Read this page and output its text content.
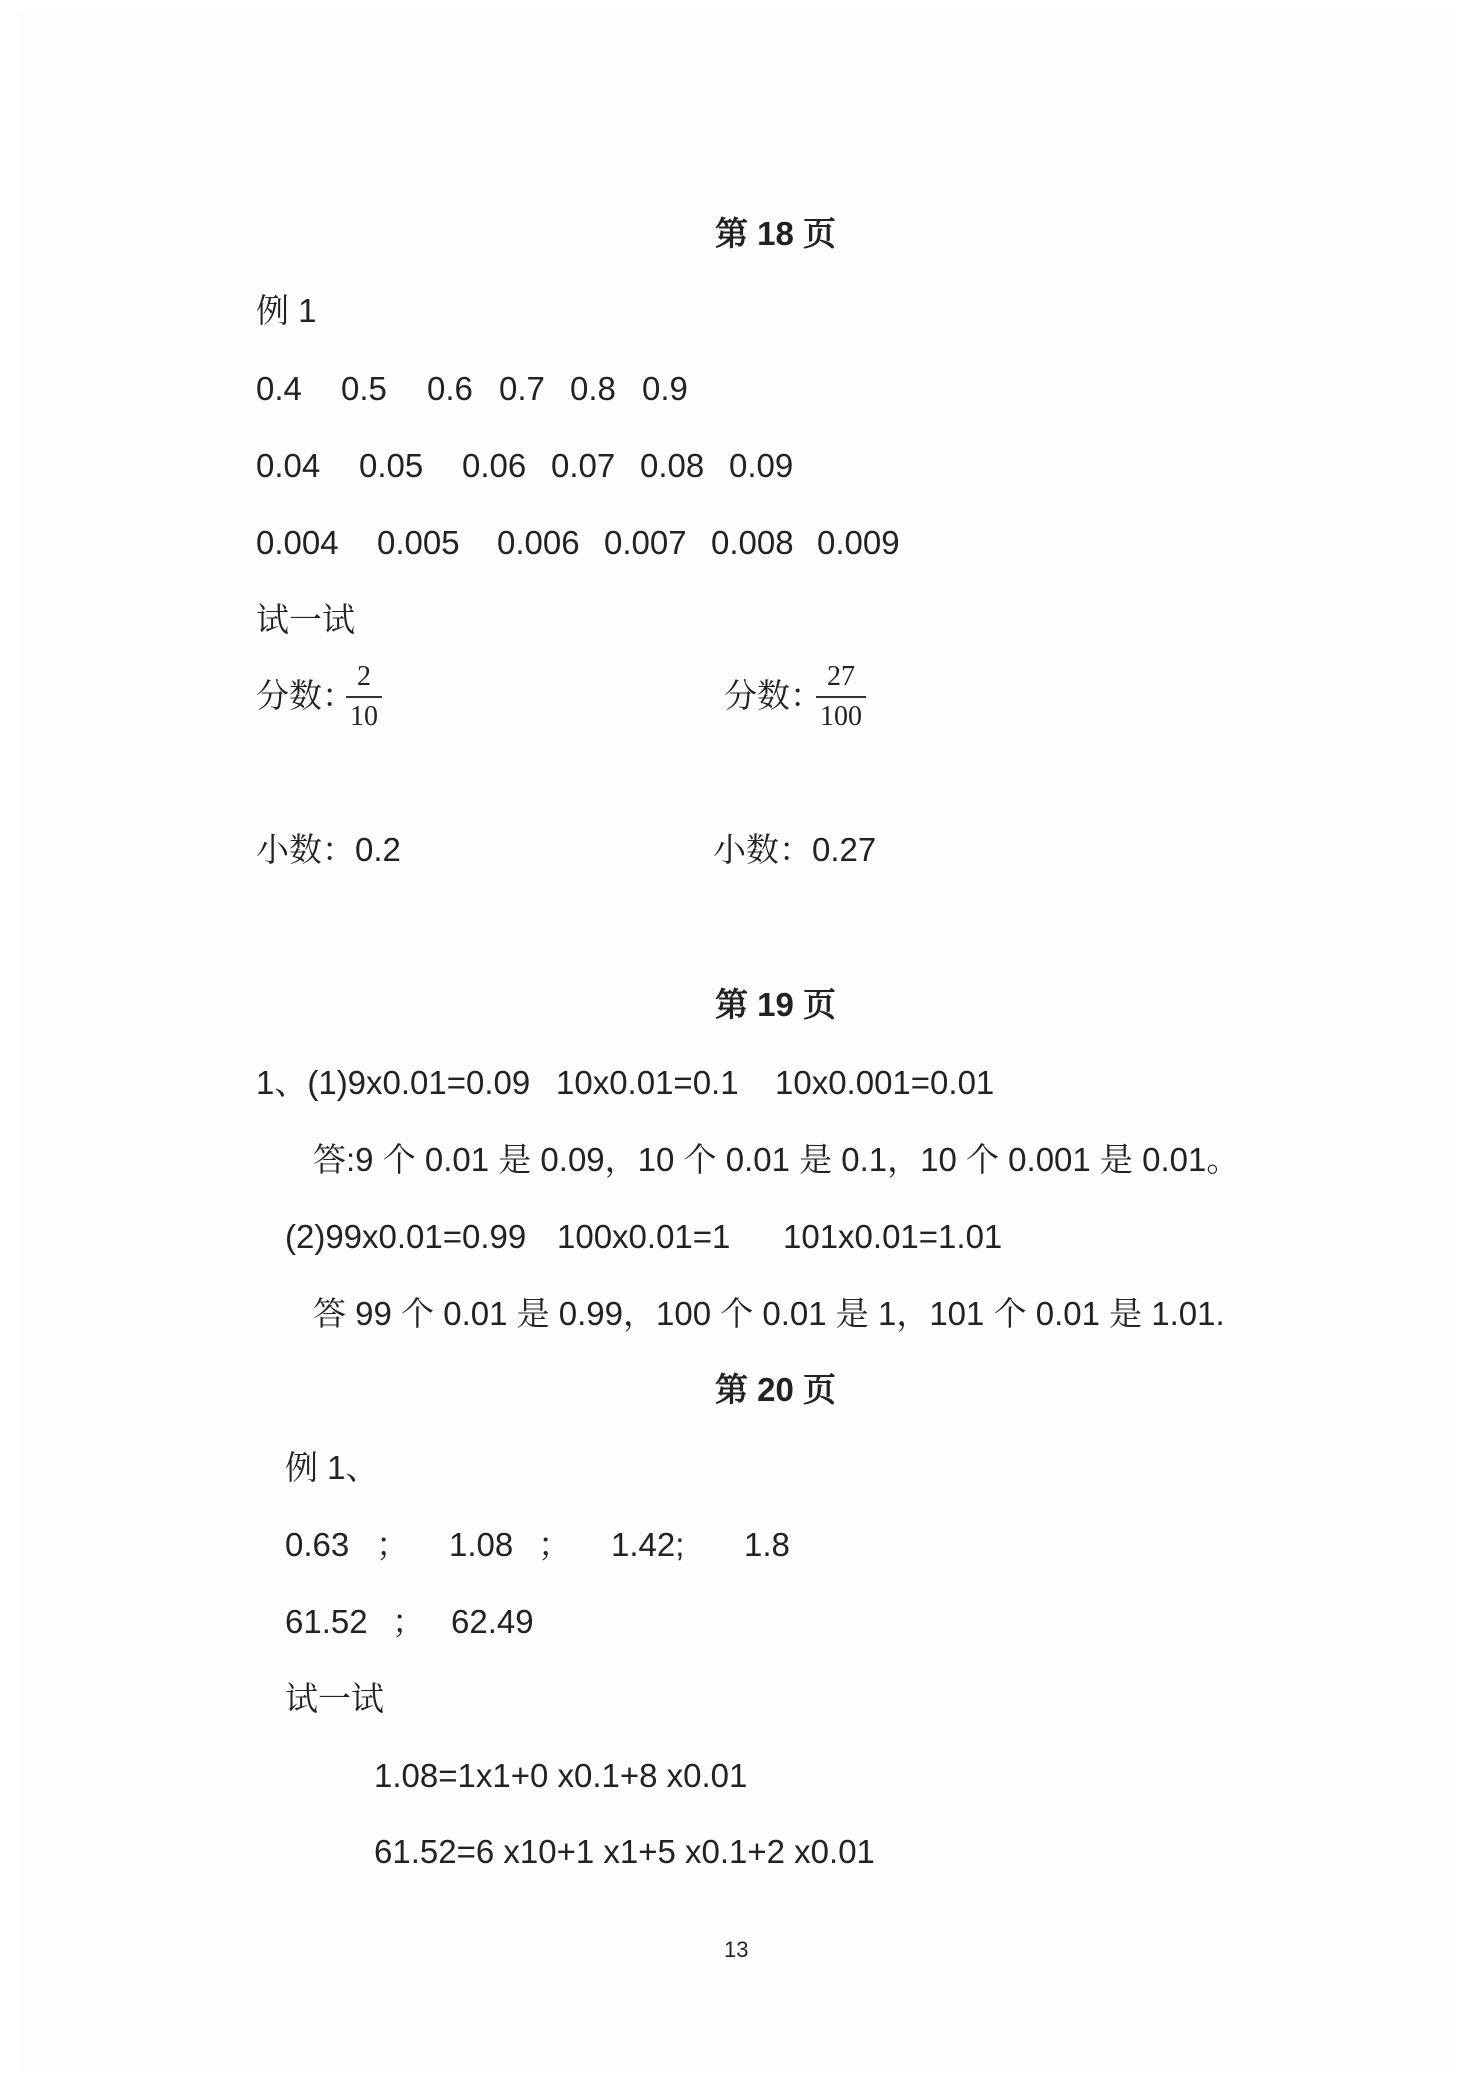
第 18 页
例 1
0.4 0.5 0.6 0.7 0.8 0.9
0.04 0.05 0.06 0.07 0.08 0.09
0.004 0.005 0.006 0.007 0.008 0.009
试一试
分数：
2
10
分数：
27
100
小数：0.2	小数：0.27
第 19 页
1、(1)9x0.01=0.09 10x0.01=0.1 10x0.001=0.01
答:9 个 0.01 是 0.09，10 个 0.01 是 0.1，10 个 0.001 是 0.01。
(2)99x0.01=0.99 100x0.01=1 101x0.01=1.01
答 99 个 0.01 是 0.99，100 个 0.01 是 1，101 个 0.01 是 1.01.
第 20 页
例 1、
0.63 ； 1.08 ； 1.42; 1.8
61.52 ； 62.49
试一试
1.08=1x1+0 x0.1+8 x0.01
61.52=6 x10+1 x1+5 x0.1+2 x0.01
13
